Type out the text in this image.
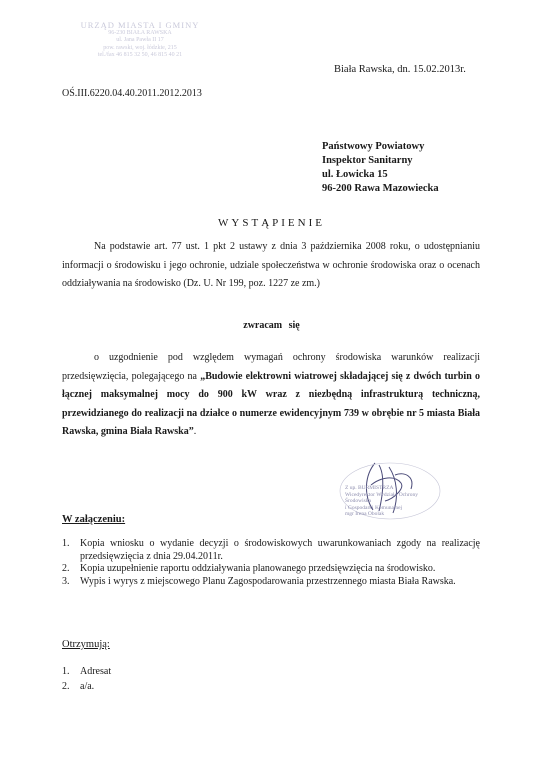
URZĄD MIASTA I GMINY
96-230 BIAŁA RAWSKA
ul. Jana Pawła II 17
pow. rawski, woj. łódzkie, 215
tel./fax 46 815 32 50, 46 815 40 21
Biała Rawska, dn. 15.02.2013r.
OŚ.III.6220.04.40.2011.2012.2013
Państwowy Powiatowy
Inspektor Sanitarny
ul. Łowicka 15
96-200 Rawa Mazowiecka
WYSTĄPIENIE
Na podstawie art. 77 ust. 1 pkt 2 ustawy z dnia 3 października 2008 roku, o udostępnianiu informacji o środowisku i jego ochronie, udziale społeczeństwa w ochronie środowiska oraz o ocenach oddziaływania na środowisko (Dz. U. Nr 199, poz. 1227 ze zm.)
zwracam się
o uzgodnienie pod względem wymagań ochrony środowiska warunków realizacji przedsięwzięcia, polegającego na „Budowie elektrowni wiatrowej składającej się z dwóch turbin o łącznej maksymalnej mocy do 900 kW wraz z niezbędną infrastrukturą techniczną, przewidzianego do realizacji na działce o numerze ewidencyjnym 739 w obrębie nr 5 miasta Biała Rawska, gmina Biała Rawska”.
Z up. BURMISTRZA
Wicedyrektor Wydziału Ochrony Środowiska
i Gospodarki Komunalnej
mgr Irena Obolak
W załączeniu:
1. Kopia wniosku o wydanie decyzji o środowiskowych uwarunkowaniach zgody na realizację przedsięwzięcia z dnia 29.04.2011r.
2. Kopia uzupełnienie raportu oddziaływania planowanego przedsięwzięcia na środowisko.
3. Wypis i wyrys z miejscowego Planu Zagospodarowania przestrzennego miasta Biała Rawska.
Otrzymują:
1. Adresat
2. a/a.
